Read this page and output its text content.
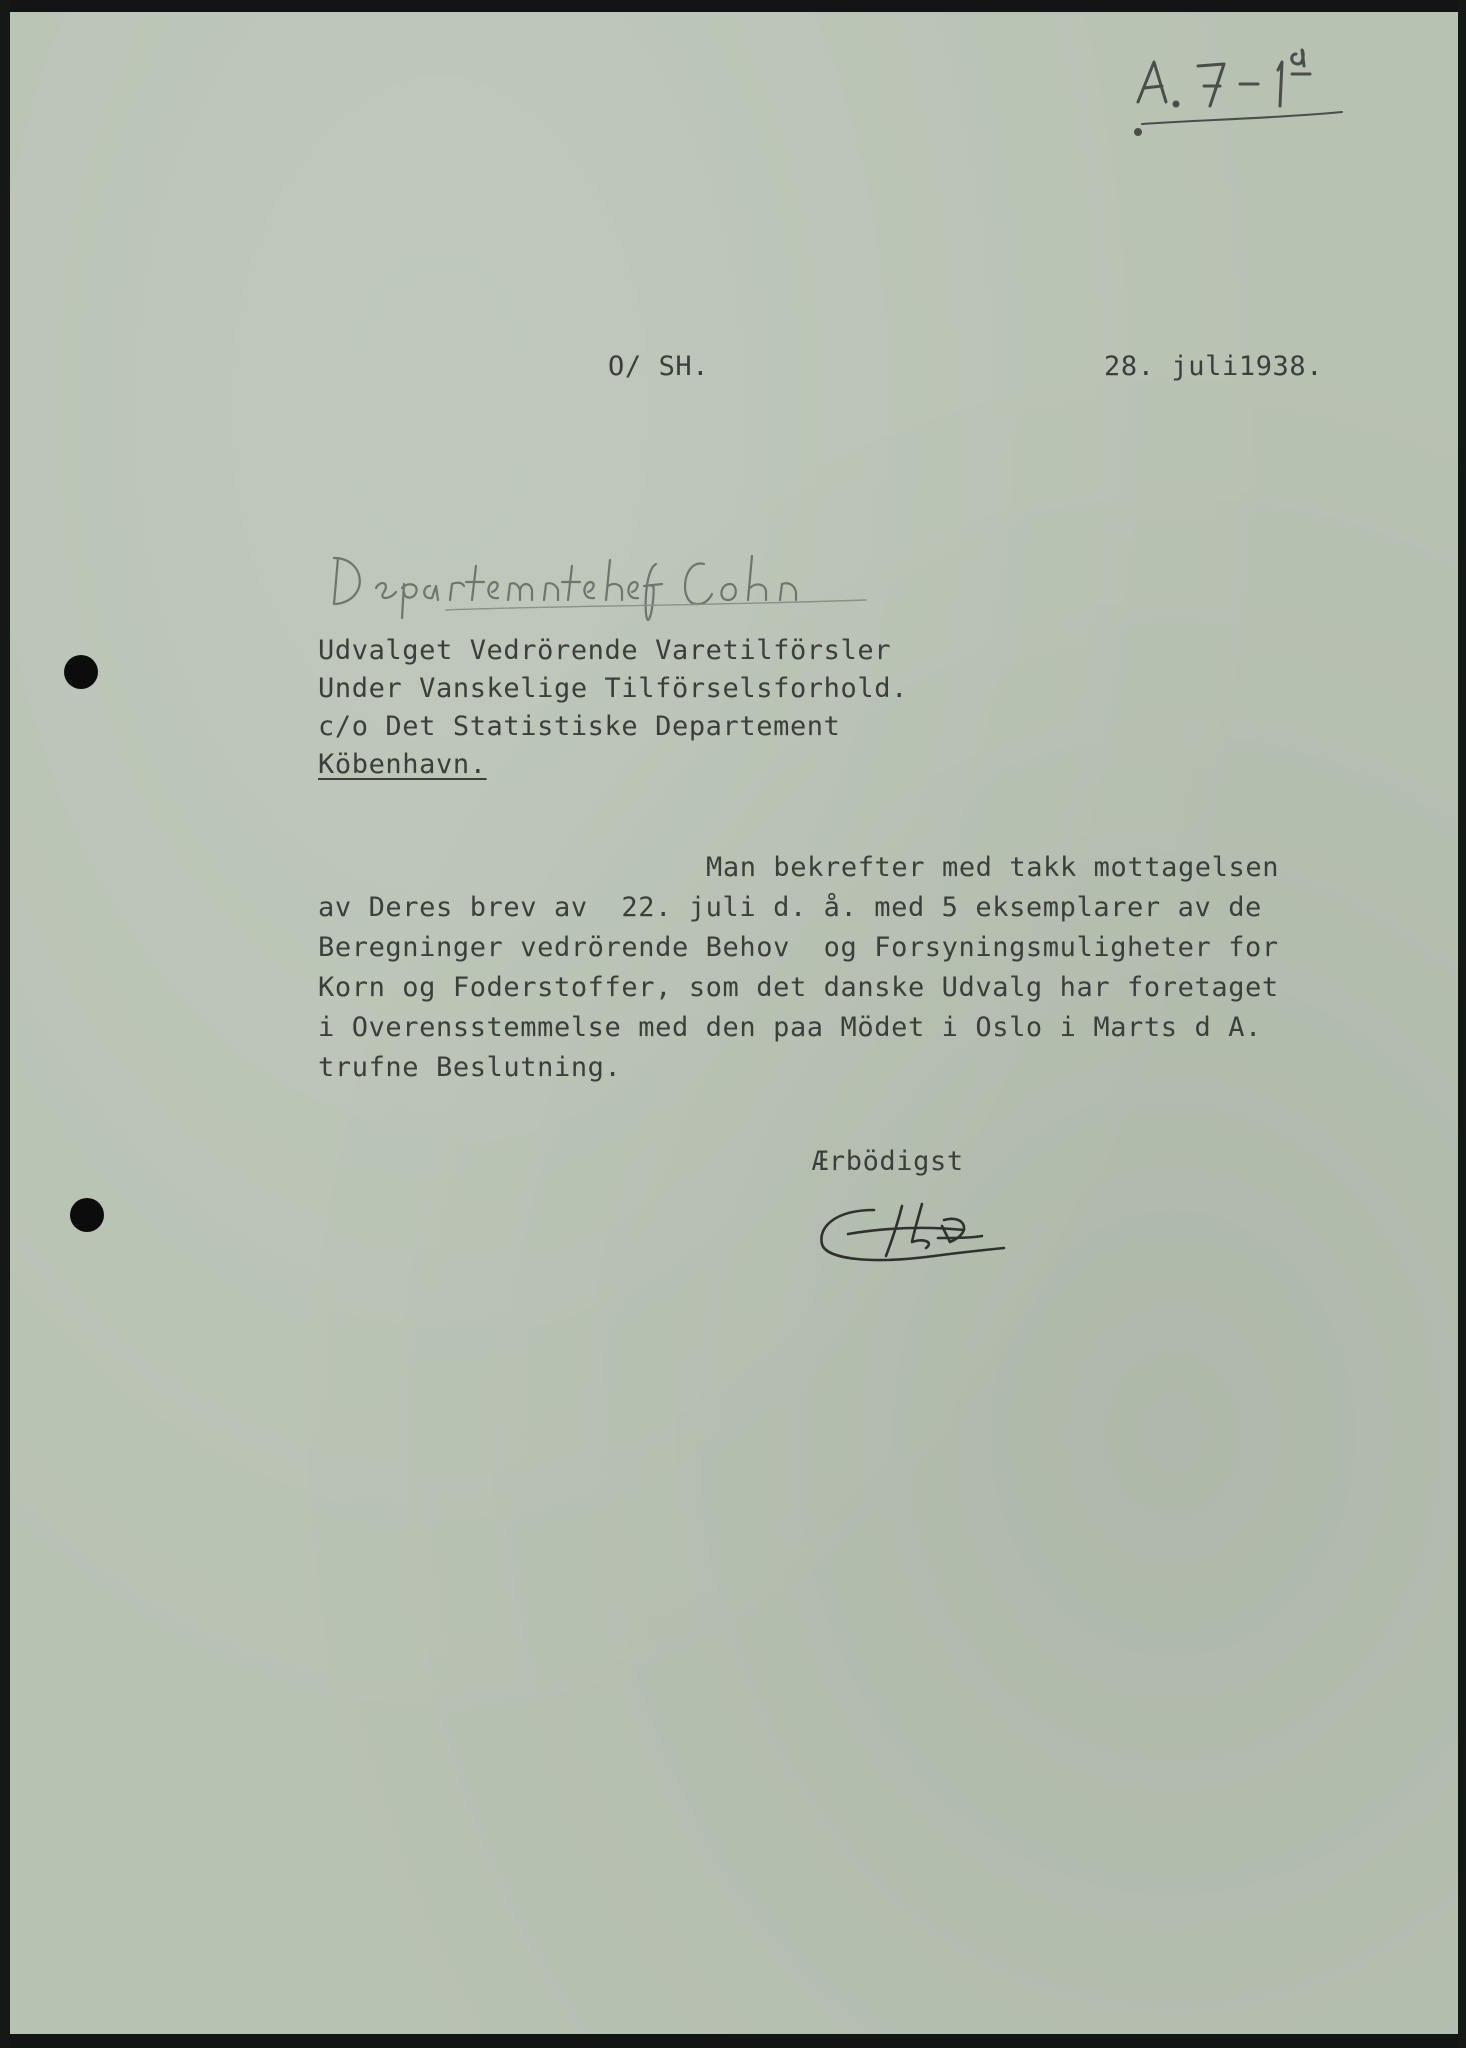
O/ SH.	28. juli1938.
Udvalget Vedrörende Varetilförsler
Under Vanskelige Tilförselsforhold.
c/o Det Statistiske Departement
Köbenhavn.
Man bekrefter med takk mottagelsen
av Deres brev av  22. juli d. å. med 5 eksemplarer av de
Beregninger vedrörende Behov  og Forsyningsmuligheter for
Korn og Foderstoffer, som det danske Udvalg har foretaget
i Overensstemmelse med den paa Mödet i Oslo i Marts d A.
trufne Beslutning.
Ærbödigst
